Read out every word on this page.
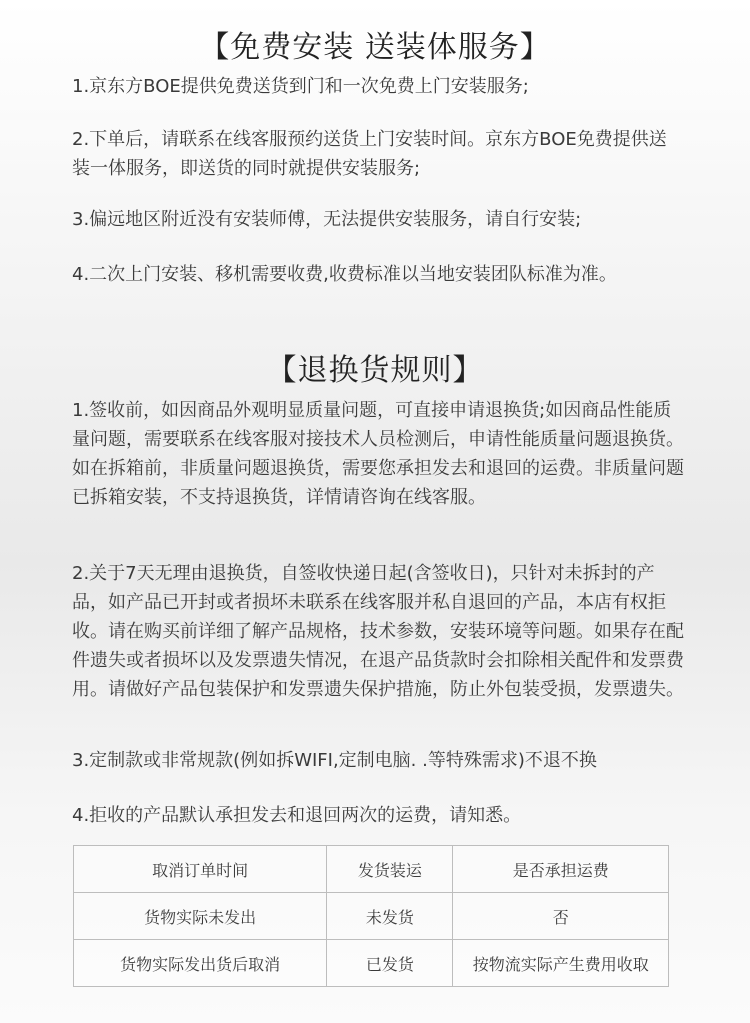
【免费安装 送装体服务】

1.京东方BOE提供免费送货到门和一次免费上门安装服务;

2.下单后，请联系在线客服预约送货上门安装时间。京东方BOE免费提供送装一体服务，即送货的同时就提供安装服务;

3.偏远地区附近没有安装师傅，无法提供安装服务，请自行安装;

4.二次上门安装、移机需要收费,收费标准以当地安装团队标准为准。

【退换货规则】

1.签收前，如因商品外观明显质量问题，可直接申请退换货;如因商品性能质量问题，需要联系在线客服对接技术人员检测后，申请性能质量问题退换货。如在拆箱前，非质量问题退换货，需要您承担发去和退回的运费。非质量问题已拆箱安装，不支持退换货，详情请咨询在线客服。

2.关于7天无理由退换货，自签收快递日起(含签收日)，只针对未拆封的产品，如产品已开封或者损坏未联系在线客服并私自退回的产品，本店有权拒收。请在购买前详细了解产品规格，技术参数，安装环境等问题。如果存在配件遗失或者损坏以及发票遗失情况，在退产品货款时会扣除相关配件和发票费用。请做好产品包装保护和发票遗失保护措施，防止外包装受损，发票遗失。

3.定制款或非常规款(例如拆WIFI,定制电脑. .等特殊需求)不退不换

4.拒收的产品默认承担发去和退回两次的运费，请知悉。

取消订单时间	发货装运	是否承担运费
货物实际未发出	未发货	否
货物实际发出货后取消	已发货	按物流实际产生费用收取
